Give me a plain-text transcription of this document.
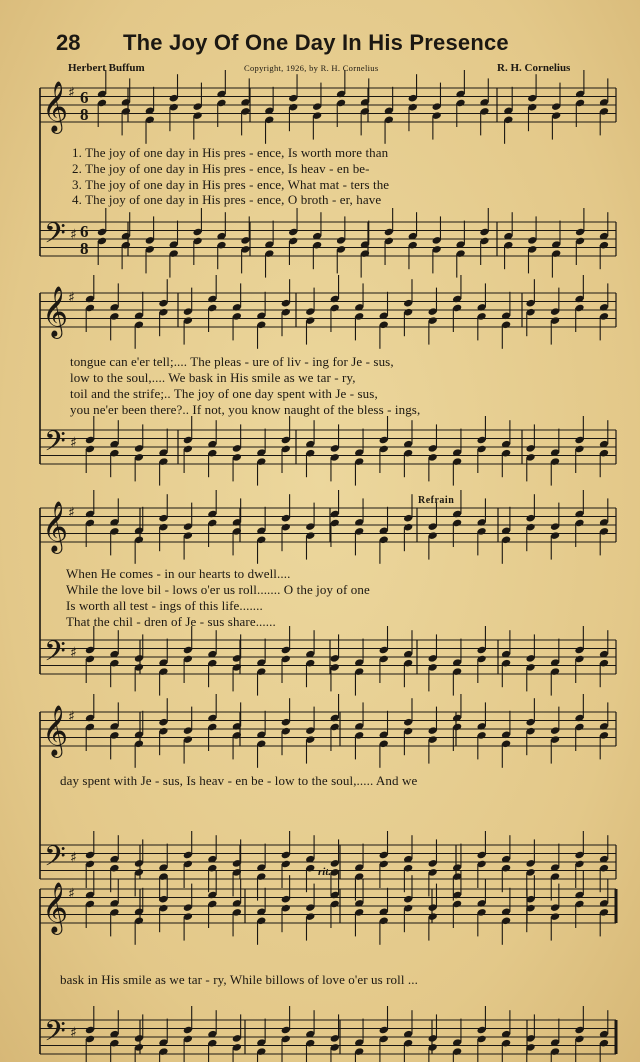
28 The Joy Of One Day In His Presence
Herbert Buffum	Copyright, 1926, by R. H. Cornelius	R. H. Cornelius
𝄞
𝄢
♯
♯
6
8
6
8
𝄞
𝄢
♯
♯
𝄞
𝄢
♯
♯
𝄞
𝄢
♯
♯
𝄞
𝄢
♯
♯
1. The joy of one day in His pres - ence, Is worth more than
2. The joy of one day in His pres - ence, Is heav - en be-
3. The joy of one day in His pres - ence, What mat - ters the
4. The joy of one day in His pres - ence, O broth - er, have
tongue can e'er tell;.... The pleas - ure of liv - ing for Je - sus,
low to the soul,.... We bask in His smile as we tar - ry,
toil and the strife;.. The joy of one day spent with Je - sus,
you ne'er been there?.. If not, you know naught of the bless - ings,
Refrain
When He comes - in our hearts to dwell....
While the love bil - lows o'er us roll....... O the joy of one
Is worth all test - ings of this life.......
That the chil - dren of Je - sus share......
day spent with Je - sus, Is heav - en be - low to the soul,..... And we
rit.
bask in His smile as we tar - ry, While billows of love o'er us roll ...
